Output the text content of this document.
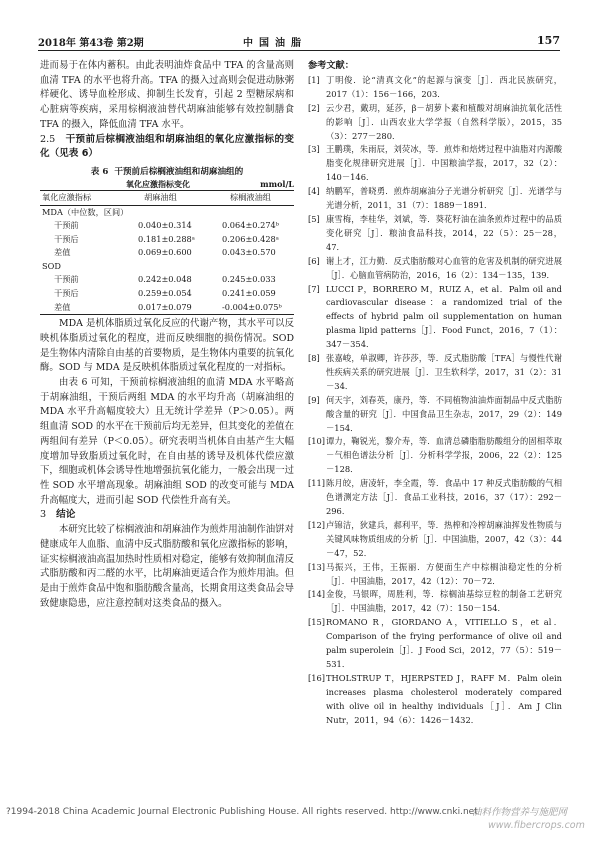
2018年 第43卷 第2期	中国油脂	157

进而易于在体内蓄积。由此表明油炸食品中 TFA 的含量高则血清 TFA 的水平也将升高。TFA 的摄入过高则会促进动脉粥样硬化、诱导血栓形成、抑制生长发育，引起 2 型糖尿病和心脏病等疾病，采用棕榈液油替代胡麻油能够有效控制膳食 TFA 的摄入，降低血清 TFA 水平。

2.5 干预前后棕榈液油组和胡麻油组的氧化应激指标的变化（见表 6）

表 6 干预前后棕榈液油组和胡麻油组的
氧化应激指标变化	mmol/L
氧化应激指标	胡麻油组	棕榈液油组
MDA（中位数，区间）
干预前	0.040±0.314	0.064±0.274ᵇ
干预后	0.181±0.288ᵃ	0.206±0.428ᵃ
差值	0.069±0.600	0.043±0.570
SOD
干预前	0.242±0.048	0.245±0.033
干预后	0.259±0.054	0.241±0.059
差值	0.017±0.079	-0.004±0.075ᵇ

MDA 是机体脂质过氧化反应的代谢产物，其水平可以反映机体脂质过氧化的程度，进而反映细胞的损伤情况。SOD 是生物体内清除自由基的首要物质，是生物体内重要的抗氧化酶。SOD 与 MDA 是反映机体脂质过氧化程度的一对指标。

由表 6 可知，干预前棕榈液油组的血清 MDA 水平略高于胡麻油组，干预后两组 MDA 的水平均升高（胡麻油组的 MDA 水平升高幅度较大）且无统计学差异（P＞0.05）。两组血清 SOD 的水平在干预前后均无差异，但其变化的差值在两组间有差异（P＜0.05）。研究表明当机体自由基产生大幅度增加导致脂质过氧化时，在自由基的诱导及机体代偿应激下，细胞或机体会诱导性地增强抗氧化能力，一般会出现一过性 SOD 水平增高现象。胡麻油组 SOD 的改变可能与 MDA 升高幅度大，进而引起 SOD 代偿性升高有关。

3 结论

本研究比较了棕榈液油和胡麻油作为煎炸用油制作油饼对健康成年人血脂、血清中反式脂肪酸和氧化应激指标的影响，证实棕榈液油高温加热时性质相对稳定，能够有效抑制血清反式脂肪酸和丙二醛的水平，比胡麻油更适合作为煎炸用油。但是由于煎炸食品中饱和脂肪酸含量高，长期食用这类食品会导致健康隐患，应注意控制对这类食品的摄入。

参考文献：
[1] 丁明俊．论“清真文化”的起源与演变［J］．西北民族研究，2017（1）：156－166，203．
[2] 云少君，戴玥，延莎，β－胡萝卜素和植酸对胡麻油抗氧化活性的影响［J］．山西农业大学学报（自然科学版），2015，35（3）：277－280．
[3] 王鹏璞，朱雨辰，刘荧冰，等．煎炸和焙烤过程中油脂对内源酸脂变化规律研究进展［J］．中国粮油学报，2017，32（2）：140－146．
[4] 纳鹏军，普晓勇．煎炸胡麻油分子光谱分析研究［J］．光谱学与光谱分析，2011，31（7）：1889－1891．
[5] 康雪梅，李桂华，刘斌，等．葵花籽油在油条煎炸过程中的品质变化研究［J］．粮油食品科技，2014，22（5）：25－28，47．
[6] 谢上才，江力勤．反式脂肪酸对心血管的危害及机制的研究进展［J］．心脑血管病防治，2016，16（2）：134－135，139．
[7] LUCCI P，BORRERO M，RUIZ A，et al．Palm oil and cardiovascular disease：a randomized trial of the effects of hybrid palm oil supplementation on human plasma lipid patterns［J］．Food Funct，2016，7（1）：347－354．
[8] 张嘉峻，单淑卿，许莎莎，等．反式脂肪酸［TFA］与慢性代谢性疾病关系的研究进展［J］．卫生软科学，2017，31（2）：31－34．
[9] 何天宇，刘春英，康丹，等．不同植物油油炸面制品中反式脂肪酸含量的研究［J］．中国食品卫生杂志，2017，29（2）：149－154．
[10] 谭力，鞠锐光，黎介寿，等．血清总磷脂脂肪酸组分的固相萃取－气相色谱法分析［J］．分析科学学报，2006，22（2）：125－128．
[11] 陈月皎，唐凌轩，李全霞，等．食品中 17 种反式脂肪酸的气相色谱测定方法［J］．食品工业科技，2016，37（17）：292－296．
[12] 卢锦洁，狄建兵，郝利平，等．热榨和冷榨胡麻油挥发性物质与关键风味物质组成的分析［J］．中国油脂，2007，42（3）：44－47，52．
[13] 马振兴，王伟，王振丽．方便面生产中棕榈油稳定性的分析［J］．中国油脂，2017，42（12）：70－72．
[14] 金俊，马银晖，周胜利，等．棕榈油基综豆粒的制备工艺研究［J］．中国油脂，2017，42（7）：150－154．
[15] ROMANO R，GIORDANO A，VITIELLO S，et al．Comparison of the frying performance of olive oil and palm superolein［J］．J Food Sci，2012，77（5）：519－531．
[16] THOLSTRUP T，HJERPSTED J，RAFF M．Palm olein increases plasma cholesterol moderately compared with olive oil in healthy individuals［J］．Am J Clin Nutr，2011，94（6）：1426－1432．
?1994-2018 China Academic Journal Electronic Publishing House. All rights reserved. http://www.cnki.net
油料作物营养与施肥网
www.fibercrops.com
